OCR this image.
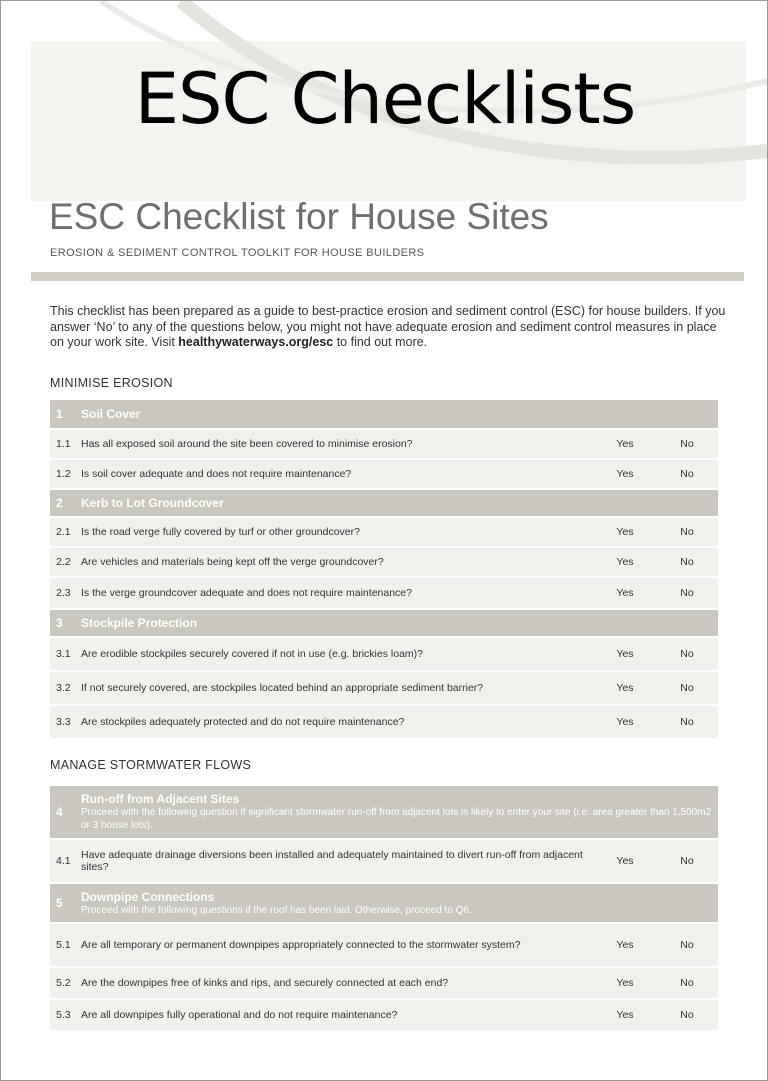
ESC Checklists
ESC Checklist for House Sites
EROSION & SEDIMENT CONTROL TOOLKIT FOR HOUSE BUILDERS

This checklist has been prepared as a guide to best-practice erosion and sediment control (ESC) for house builders. If you answer ‘No’ to any of the questions below, you might not have adequate erosion and sediment control measures in place on your work site. Visit healthywaterways.org/esc to find out more.

MINIMISE EROSION
1	Soil Cover		
1.1	Has all exposed soil around the site been covered to minimise erosion?	Yes	No
1.2	Is soil cover adequate and does not require maintenance?	Yes	No
2	Kerb to Lot Groundcover		
2.1	Is the road verge fully covered by turf or other groundcover?	Yes	No
2.2	Are vehicles and materials being kept off the verge groundcover?	Yes	No
2.3	Is the verge groundcover adequate and does not require maintenance?	Yes	No
3	Stockpile Protection		
3.1	Are erodible stockpiles securely covered if not in use (e.g. brickies loam)?	Yes	No
3.2	If not securely covered, are stockpiles located behind an appropriate sediment barrier?	Yes	No
3.3	Are stockpiles adequately protected and do not require maintenance?	Yes	No
MANAGE STORMWATER FLOWS
4	Run-off from Adjacent Sites
Proceed with the following question if significant stormwater run-off from adjacent lots is likely to enter your site (i.e. area greater than 1,500m2 or 3 house lots).		

4.1	Have adequate drainage diversions been installed and adequately maintained to divert run-off from adjacent sites?	Yes	No
5	Downpipe Connections
Proceed with the following questions if the roof has been laid. Otherwise, proceed to Q6.		

5.1	Are all temporary or permanent downpipes appropriately connected to the stormwater system?	Yes	No
5.2	Are the downpipes free of kinks and rips, and securely connected at each end?	Yes	No
5.3	Are all downpipes fully operational and do not require maintenance?	Yes	No
